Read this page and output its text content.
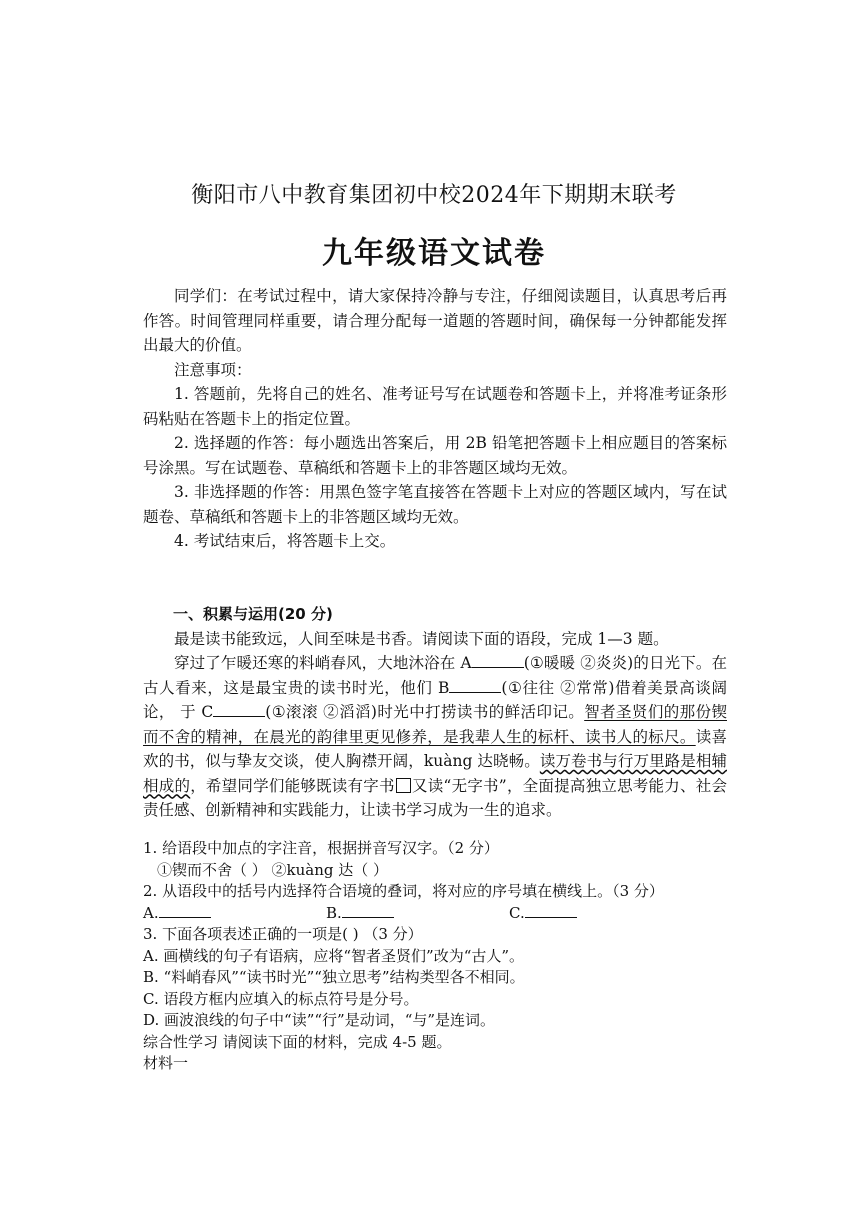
衡阳市八中教育集团初中校2024年下期期末联考
九年级语文试卷

同学们：在考试过程中，请大家保持冷静与专注，仔细阅读题目，认真思考后再作答。时间管理同样重要，请合理分配每一道题的答题时间，确保每一分钟都能发挥出最大的价值。

注意事项：

1. 答题前，先将自己的姓名、准考证号写在试题卷和答题卡上，并将准考证条形码粘贴在答题卡上的指定位置。

2. 选择题的作答：每小题选出答案后，用 2B 铅笔把答题卡上相应题目的答案标号涂黑。写在试题卷、草稿纸和答题卡上的非答题区域均无效。

3. 非选择题的作答：用黑色签字笔直接答在答题卡上对应的答题区域内，写在试题卷、草稿纸和答题卡上的非答题区域均无效。

4. 考试结束后，将答题卡上交。

一、积累与运用(20 分)

最是读书能致远，人间至味是书香。请阅读下面的语段，完成 1—3 题。

穿过了乍暖还寒的料峭春风，大地沐浴在 A	(①暖暖 ②炎炎)的日光下。在古人看来，这是最宝贵的读书时光，他们 B	(①往往 ②常常)借着美景高谈阔论， 于 C	(①滚滚 ②滔滔)时光中打捞读书的鲜活印记。智者圣贤们的那份锲而不舍的精神，在晨光的韵律里更见修养，是我辈人生的标杆、读书人的标尺。读喜欢的书，似与挚友交谈，使人胸襟开阔，kuàng 达晓畅。读万卷书与行万里路是相辅相成的，希望同学们能够既读有字书 又读“无字书”，全面提高独立思考能力、社会责任感、创新精神和实践能力，让读书学习成为一生的追求。

1. 给语段中加点的字注音，根据拼音写汉字。（2 分）

①锲而不舍（ ） ②kuàng 达（ ）

2. 从语段中的括号内选择符合语境的叠词，将对应的序号填在横线上。（3 分）

A.	B.	C.

3. 下面各项表述正确的一项是( ) （3 分）

A. 画横线的句子有语病，应将“智者圣贤们”改为“古人”。

B. “料峭春风”“读书时光”“独立思考”结构类型各不相同。

C. 语段方框内应填入的标点符号是分号。

D. 画波浪线的句子中“读”“行”是动词，“与”是连词。

综合性学习 请阅读下面的材料，完成 4-5 题。

材料一
